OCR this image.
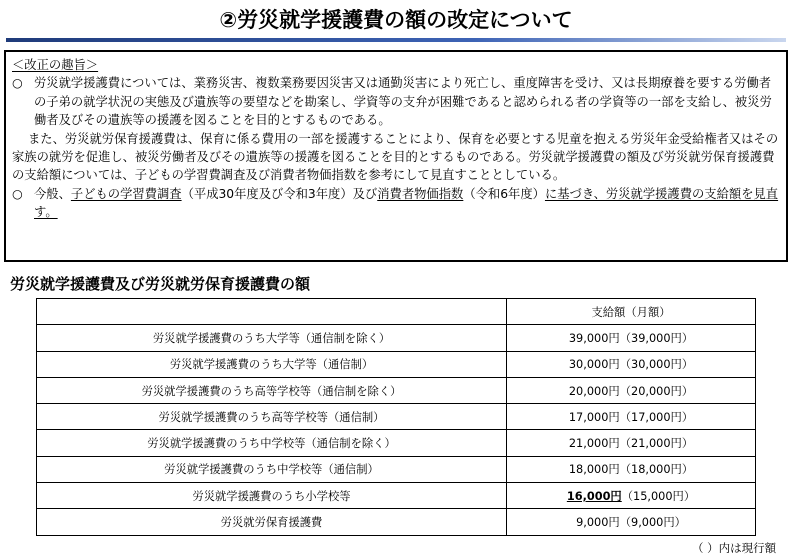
②労災就学援護費の額の改定について
＜改正の趣旨＞
○ 労災就学援護費については、業務災害、複数業務要因災害又は通勤災害により死亡し、重度障害を受け、又は長期療養を要する労働者の子弟の就学状況の実態及び遺族等の要望などを勘案し、学資等の支弁が困難であると認められる者の学資等の一部を支給し、被災労働者及びその遺族等の援護を図ることを目的とするものである。
また、労災就労保育援護費は、保育に係る費用の一部を援護することにより、保育を必要とする児童を抱える労災年金受給権者又はその家族の就労を促進し、被災労働者及びその遺族等の援護を図ることを目的とするものである。労災就学援護費の額及び労災就労保育援護費の支給額については、子どもの学習費調査及び消費者物価指数を参考にして見直すこととしている。
○ 今般、子どもの学習費調査（平成30年度及び令和3年度）及び消費者物価指数（令和6年度）に基づき、労災就学援護費の支給額を見直す。
労災就学援護費及び労災就労保育援護費の額
	支給額（月額）
労災就学援護費のうち大学等（通信制を除く）	39,000円（39,000円）
労災就学援護費のうち大学等（通信制）	30,000円（30,000円）
労災就学援護費のうち高等学校等（通信制を除く）	20,000円（20,000円）
労災就学援護費のうち高等学校等（通信制）	17,000円（17,000円）
労災就学援護費のうち中学校等（通信制を除く）	21,000円（21,000円）
労災就学援護費のうち中学校等（通信制）	18,000円（18,000円）
労災就学援護費のうち小学校等	16,000円（15,000円）
労災就労保育援護費	9,000円（9,000円）
（ ）内は現行額
